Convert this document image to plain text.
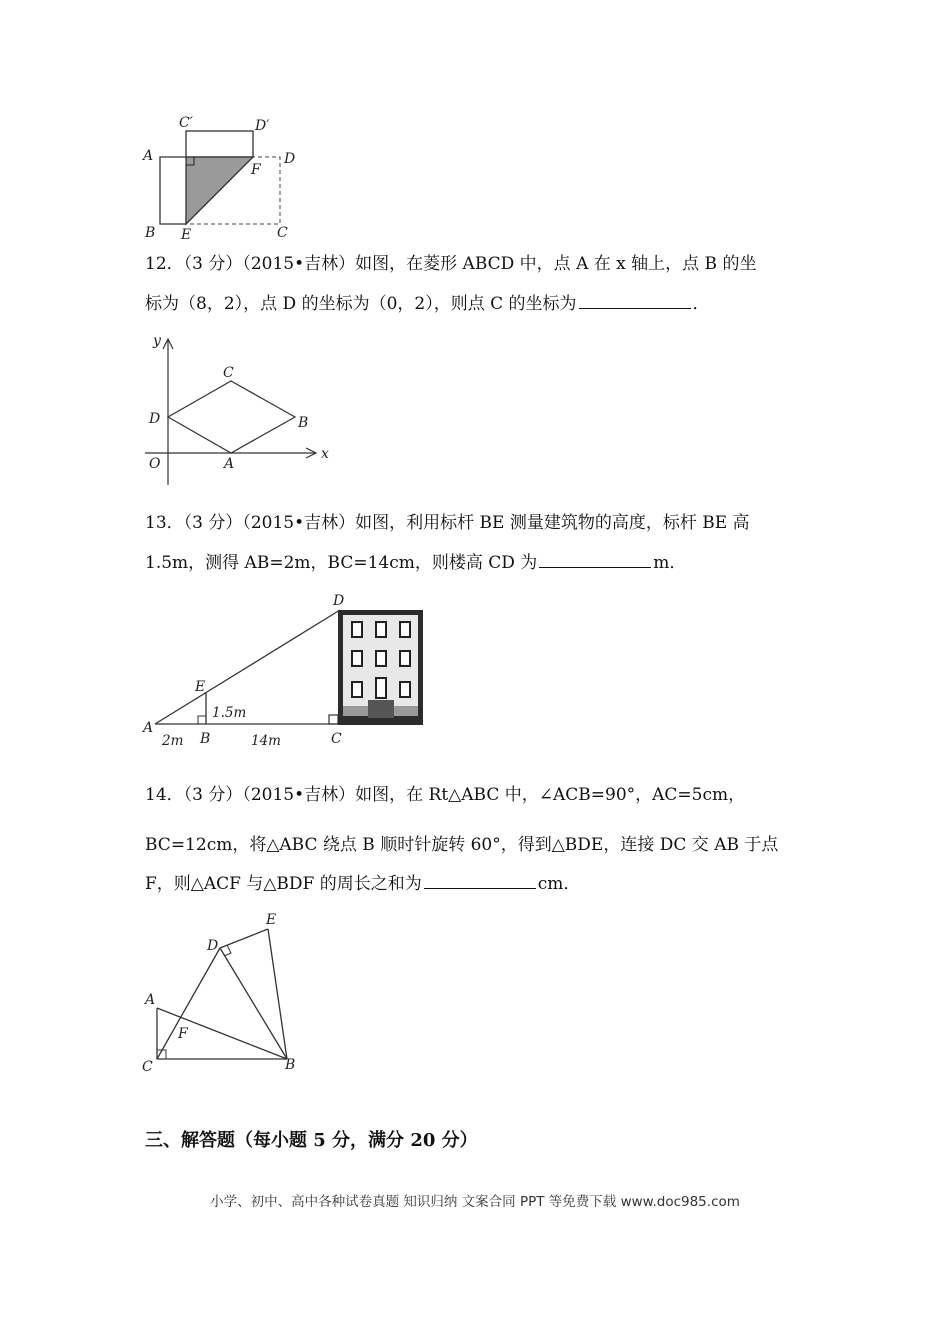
C′	D′
A	D
F
B E	C
12．（3 分）（2015•吉林）如图，在菱形 ABCD 中，点 A 在 x 轴上，点 B 的坐
标为（8，2），点 D 的坐标为（0，2），则点 C 的坐标为	．
y
x
O
D
C
B
A
13．（3 分）（2015•吉林）如图，利用标杆 BE 测量建筑物的高度，标杆 BE 高
1.5m，测得 AB=2m，BC=14cm，则楼高 CD 为	m．
D
E
1.5m
A
B	C
2m	14m
14．（3 分）（2015•吉林）如图，在 Rt△ABC 中，∠ACB=90°，AC=5cm，
BC=12cm，将△ABC 绕点 B 顺时针旋转 60°，得到△BDE，连接 DC 交 AB 于点
F，则△ACF 与△BDF 的周长之和为	cm．
E
D
A
F
C	B
三、解答题（每小题 5 分，满分 20 分）
小学、初中、高中各种试卷真题 知识归纳 文案合同 PPT 等免费下载 www.doc985.com
